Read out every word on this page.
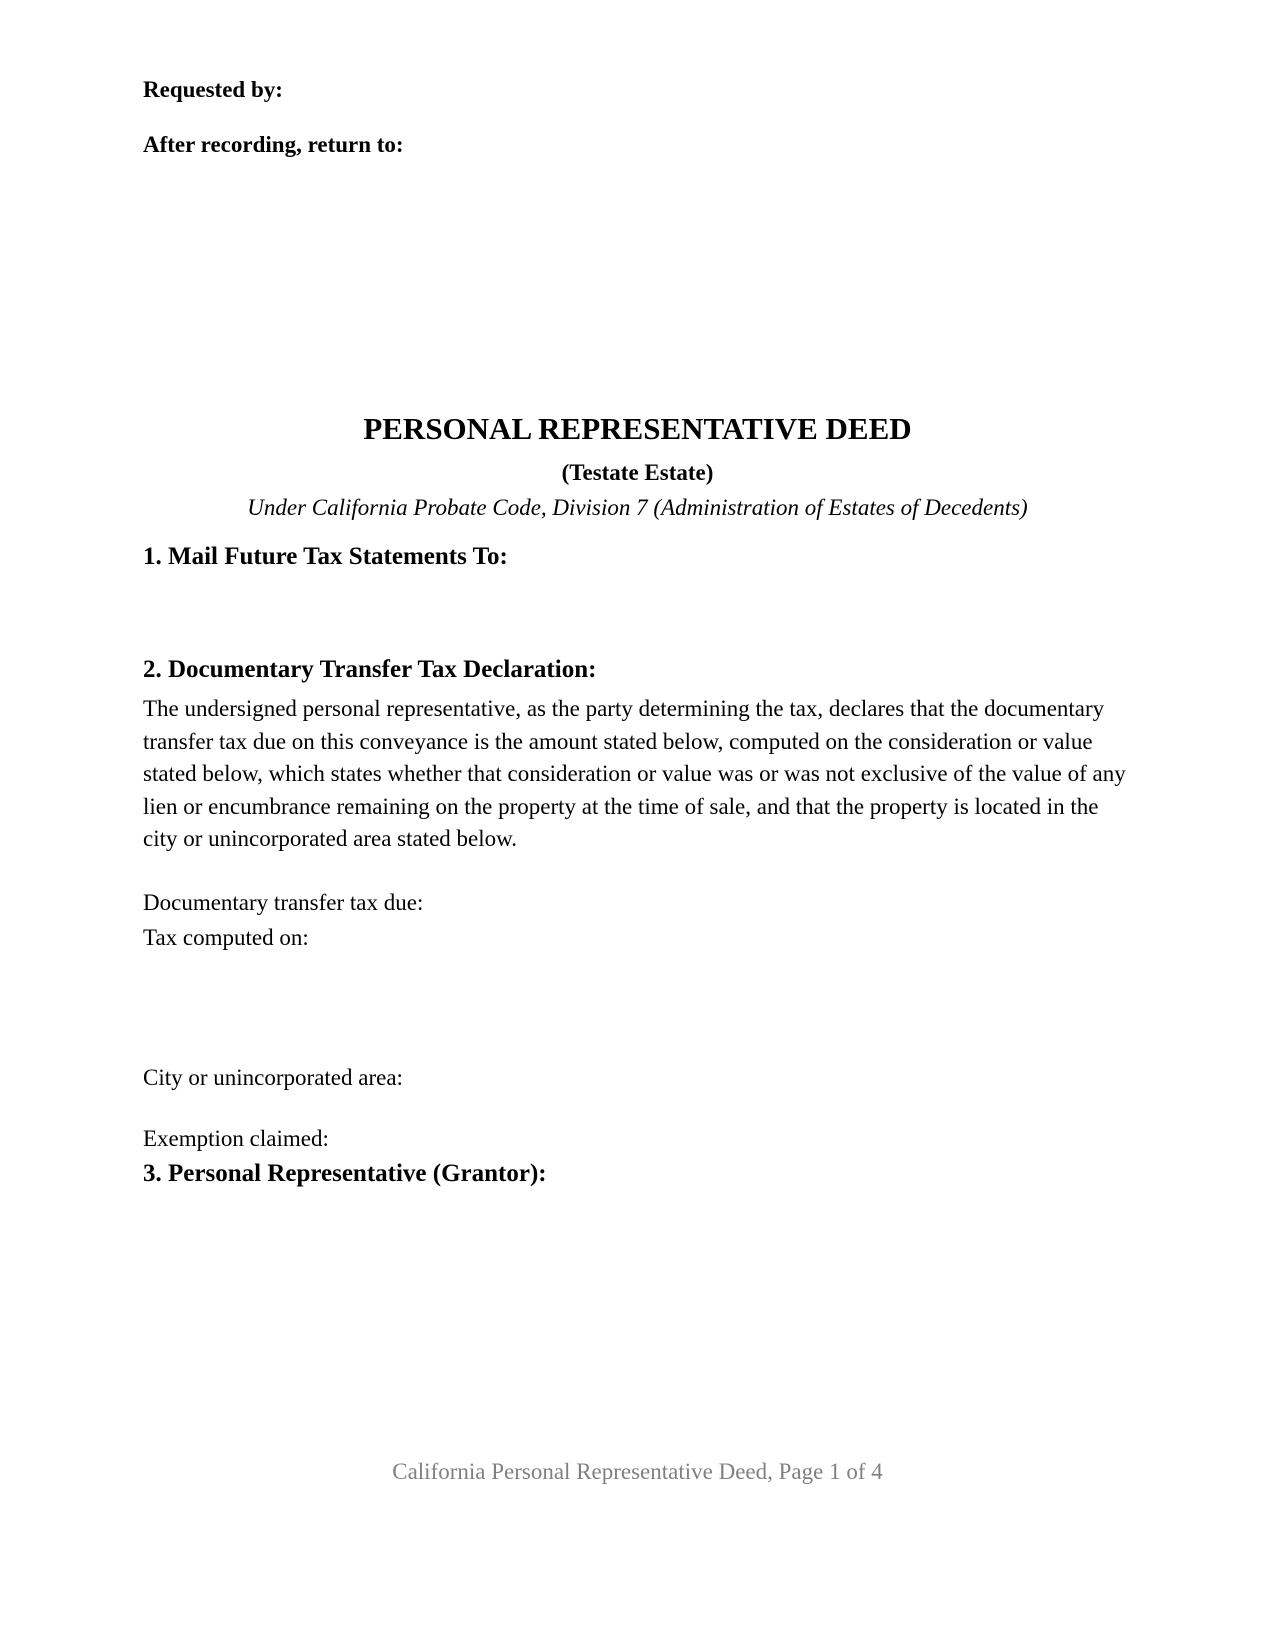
Requested by:

After recording, return to:

PERSONAL REPRESENTATIVE DEED

(Testate Estate)

Under California Probate Code, Division 7 (Administration of Estates of Decedents)

1. Mail Future Tax Statements To:
2. Documentary Transfer Tax Declaration:

The undersigned personal representative, as the party determining the tax, declares that the documentary transfer tax due on this conveyance is the amount stated below, computed on the consideration or value stated below, which states whether that consideration or value was or was not exclusive of the value of any lien or encumbrance remaining on the property at the time of sale, and that the property is located in the city or unincorporated area stated below.

Documentary transfer tax due:

Tax computed on:

City or unincorporated area:

Exemption claimed:

3. Personal Representative (Grantor):

California Personal Representative Deed, Page 1 of 4
